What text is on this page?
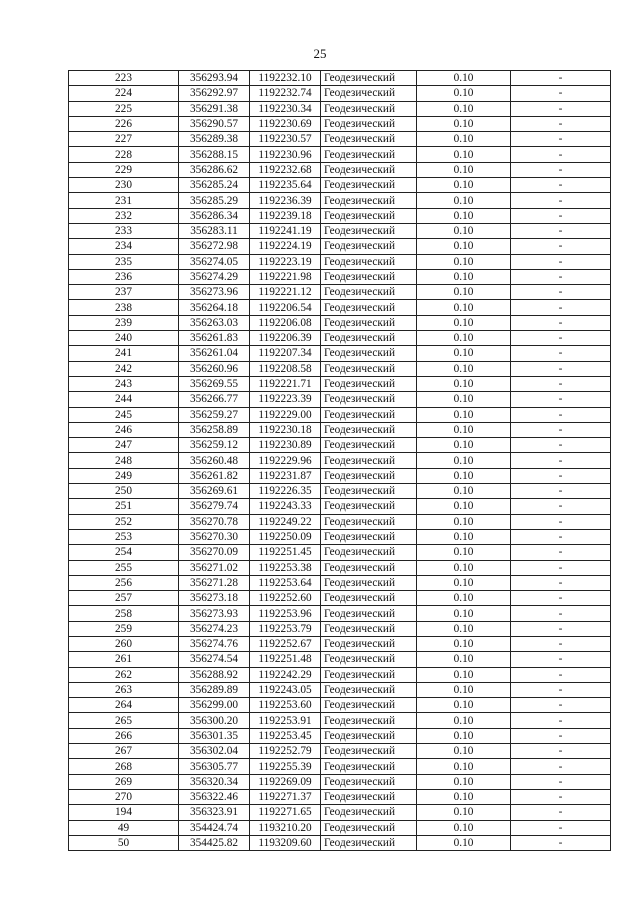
25
223	356293.94	1192232.10	Геодезический	0.10	-
224	356292.97	1192232.74	Геодезический	0.10	-
225	356291.38	1192230.34	Геодезический	0.10	-
226	356290.57	1192230.69	Геодезический	0.10	-
227	356289.38	1192230.57	Геодезический	0.10	-
228	356288.15	1192230.96	Геодезический	0.10	-
229	356286.62	1192232.68	Геодезический	0.10	-
230	356285.24	1192235.64	Геодезический	0.10	-
231	356285.29	1192236.39	Геодезический	0.10	-
232	356286.34	1192239.18	Геодезический	0.10	-
233	356283.11	1192241.19	Геодезический	0.10	-
234	356272.98	1192224.19	Геодезический	0.10	-
235	356274.05	1192223.19	Геодезический	0.10	-
236	356274.29	1192221.98	Геодезический	0.10	-
237	356273.96	1192221.12	Геодезический	0.10	-
238	356264.18	1192206.54	Геодезический	0.10	-
239	356263.03	1192206.08	Геодезический	0.10	-
240	356261.83	1192206.39	Геодезический	0.10	-
241	356261.04	1192207.34	Геодезический	0.10	-
242	356260.96	1192208.58	Геодезический	0.10	-
243	356269.55	1192221.71	Геодезический	0.10	-
244	356266.77	1192223.39	Геодезический	0.10	-
245	356259.27	1192229.00	Геодезический	0.10	-
246	356258.89	1192230.18	Геодезический	0.10	-
247	356259.12	1192230.89	Геодезический	0.10	-
248	356260.48	1192229.96	Геодезический	0.10	-
249	356261.82	1192231.87	Геодезический	0.10	-
250	356269.61	1192226.35	Геодезический	0.10	-
251	356279.74	1192243.33	Геодезический	0.10	-
252	356270.78	1192249.22	Геодезический	0.10	-
253	356270.30	1192250.09	Геодезический	0.10	-
254	356270.09	1192251.45	Геодезический	0.10	-
255	356271.02	1192253.38	Геодезический	0.10	-
256	356271.28	1192253.64	Геодезический	0.10	-
257	356273.18	1192252.60	Геодезический	0.10	-
258	356273.93	1192253.96	Геодезический	0.10	-
259	356274.23	1192253.79	Геодезический	0.10	-
260	356274.76	1192252.67	Геодезический	0.10	-
261	356274.54	1192251.48	Геодезический	0.10	-
262	356288.92	1192242.29	Геодезический	0.10	-
263	356289.89	1192243.05	Геодезический	0.10	-
264	356299.00	1192253.60	Геодезический	0.10	-
265	356300.20	1192253.91	Геодезический	0.10	-
266	356301.35	1192253.45	Геодезический	0.10	-
267	356302.04	1192252.79	Геодезический	0.10	-
268	356305.77	1192255.39	Геодезический	0.10	-
269	356320.34	1192269.09	Геодезический	0.10	-
270	356322.46	1192271.37	Геодезический	0.10	-
194	356323.91	1192271.65	Геодезический	0.10	-
49	354424.74	1193210.20	Геодезический	0.10	-
50	354425.82	1193209.60	Геодезический	0.10	-
